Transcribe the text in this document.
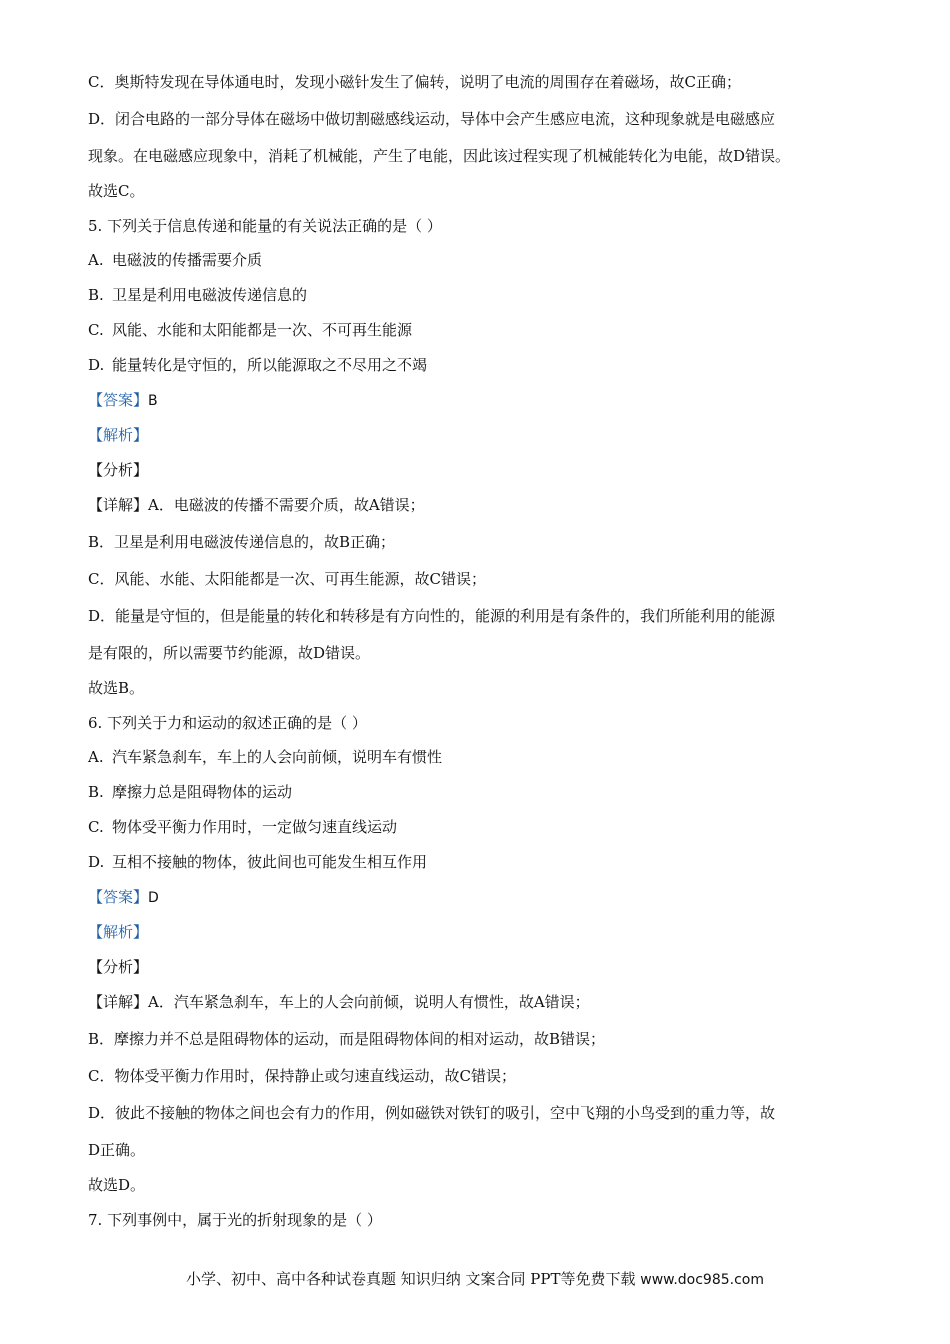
C．奥斯特发现在导体通电时，发现小磁针发生了偏转，说明了电流的周围存在着磁场，故C正确；
D．闭合电路的一部分导体在磁场中做切割磁感线运动，导体中会产生感应电流，这种现象就是电磁感应
现象。在电磁感应现象中，消耗了机械能，产生了电能，因此该过程实现了机械能转化为电能，故D错误。
故选C。
5. 下列关于信息传递和能量的有关说法正确的是（ ）
A. 电磁波的传播需要介质
B. 卫星是利用电磁波传递信息的
C. 风能、水能和太阳能都是一次、不可再生能源
D. 能量转化是守恒的，所以能源取之不尽用之不竭
【答案】B
【解析】
【分析】
【详解】A．电磁波的传播不需要介质，故A错误；
B．卫星是利用电磁波传递信息的，故B正确；
C．风能、水能、太阳能都是一次、可再生能源，故C错误；
D．能量是守恒的，但是能量的转化和转移是有方向性的，能源的利用是有条件的，我们所能利用的能源
是有限的，所以需要节约能源，故D错误。
故选B。
6. 下列关于力和运动的叙述正确的是（ ）
A. 汽车紧急刹车，车上的人会向前倾，说明车有惯性
B. 摩擦力总是阻碍物体的运动
C. 物体受平衡力作用时，一定做匀速直线运动
D. 互相不接触的物体，彼此间也可能发生相互作用
【答案】D
【解析】
【分析】
【详解】A．汽车紧急刹车，车上的人会向前倾，说明人有惯性，故A错误；
B．摩擦力并不总是阻碍物体的运动，而是阻碍物体间的相对运动，故B错误；
C．物体受平衡力作用时，保持静止或匀速直线运动，故C错误；
D．彼此不接触的物体之间也会有力的作用，例如磁铁对铁钉的吸引，空中飞翔的小鸟受到的重力等，故
D正确。
故选D。
7. 下列事例中，属于光的折射现象的是（ ）
小学、初中、高中各种试卷真题 知识归纳 文案合同 PPT等免费下载 www.doc985.com
